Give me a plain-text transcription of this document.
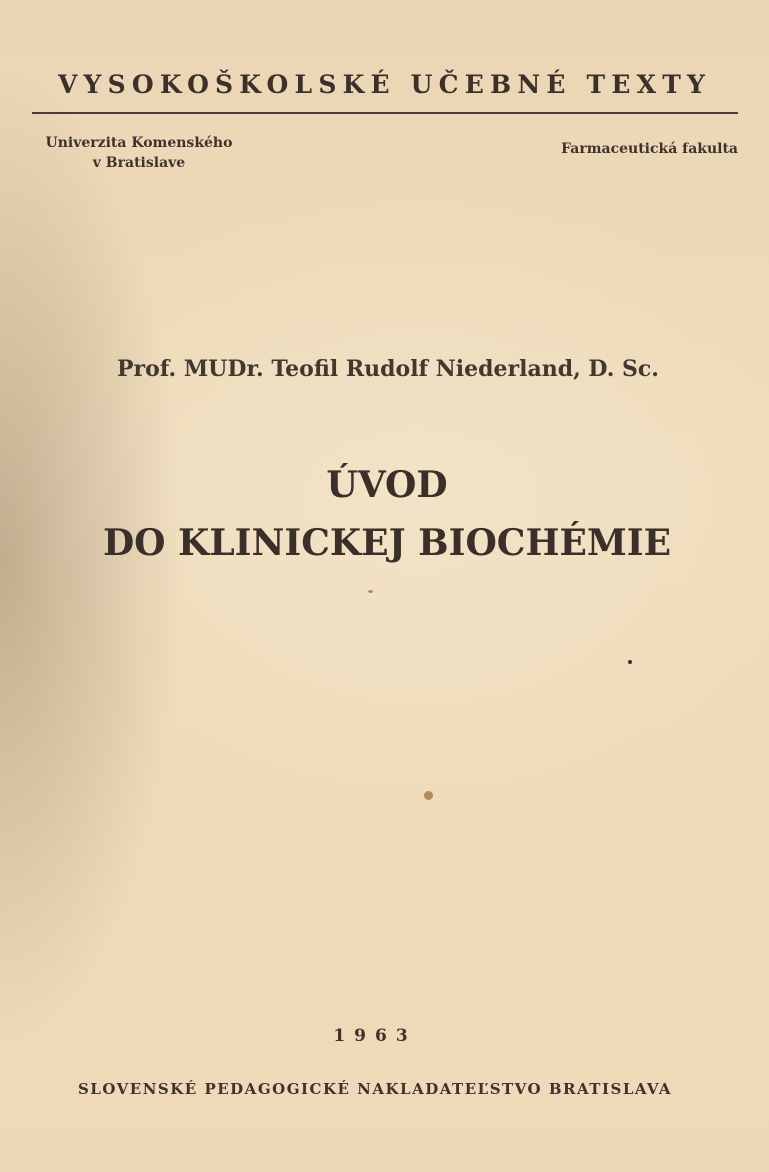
VYSOKOŠKOLSKÉ UČEBNÉ TEXTY
Univerzita Komenského
v Bratislave
Farmaceutická fakulta
Prof. MUDr. Teofil Rudolf Niederland, D. Sc.
ÚVOD
DO KLINICKEJ BIOCHÉMIE
1963
SLOVENSKÉ PEDAGOGICKÉ NAKLADATEĽSTVO BRATISLAVA
